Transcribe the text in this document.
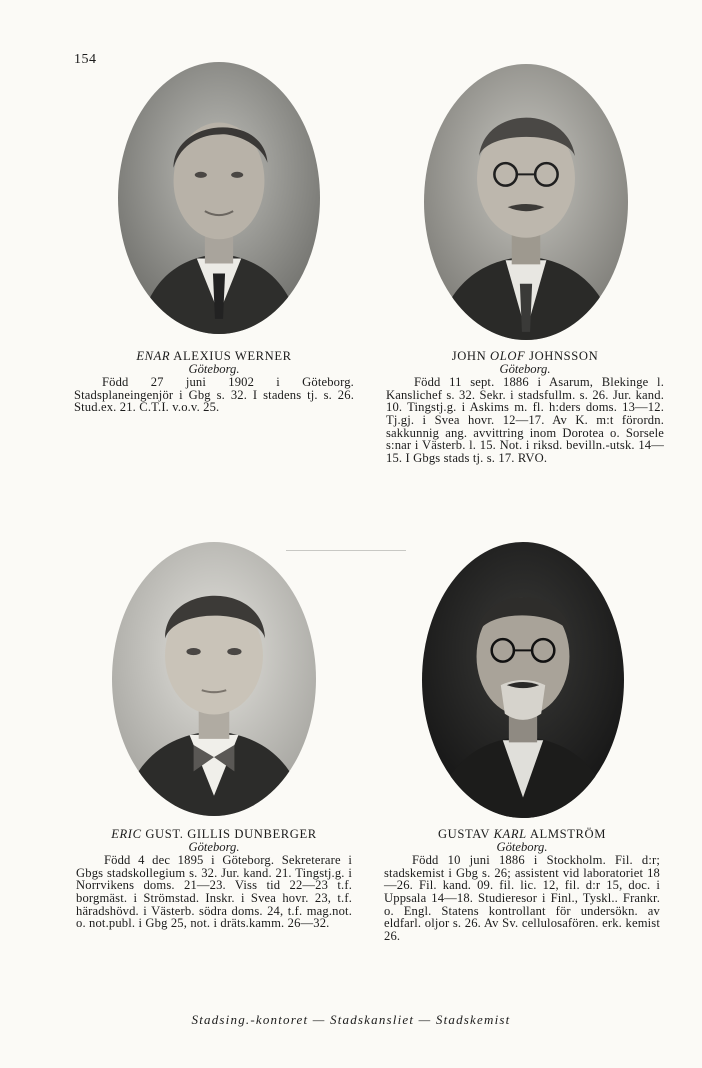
154
ENAR ALEXIUS WERNER
Göteborg.
Född 27 juni 1902 i Göteborg. Stadsplaneingenjör i Gbg s. 32. I stadens tj. s. 26. Stud.ex. 21. C.T.I. v.o.v. 25.
JOHN OLOF JOHNSSON
Göteborg.
Född 11 sept. 1886 i Asarum, Blekinge l. Kanslichef s. 32. Sekr. i stadsfullm. s. 26. Jur. kand. 10. Tingstj.g. i Askims m. fl. h:ders doms. 13—12. Tj.gj. i Svea hovr. 12—17. Av K. m:t förordn. sakkunnig ang. avvittring inom Dorotea o. Sorsele s:nar i Västerb. l. 15. Not. i riksd. bevilln.-utsk. 14—15. I Gbgs stads tj. s. 17. RVO.
ERIC GUST. GILLIS DUNBERGER
Göteborg.
Född 4 dec 1895 i Göteborg. Sekreterare i Gbgs stadskollegium s. 32. Jur. kand. 21. Tingstj.g. i Norrvikens doms. 21—23. Viss tid 22—23 t.f. borgmäst. i Strömstad. Inskr. i Svea hovr. 23, t.f. häradshövd. i Västerb. södra doms. 24, t.f. mag.not. o. not.publ. i Gbg 25, not. i dräts.kamm. 26—32.
GUSTAV KARL ALMSTRÖM
Göteborg.
Född 10 juni 1886 i Stockholm. Fil. d:r; stadskemist i Gbg s. 26; assistent vid laboratoriet 18—26. Fil. kand. 09. fil. lic. 12, fil. d:r 15, doc. i Uppsala 14—18. Studieresor i Finl., Tyskl.. Frankr. o. Engl. Statens kontrollant för undersökn. av eldfarl. oljor s. 26. Av Sv. cellulosafören. erk. kemist 26.
Stadsing.-kontoret — Stadskansliet — Stadskemist
